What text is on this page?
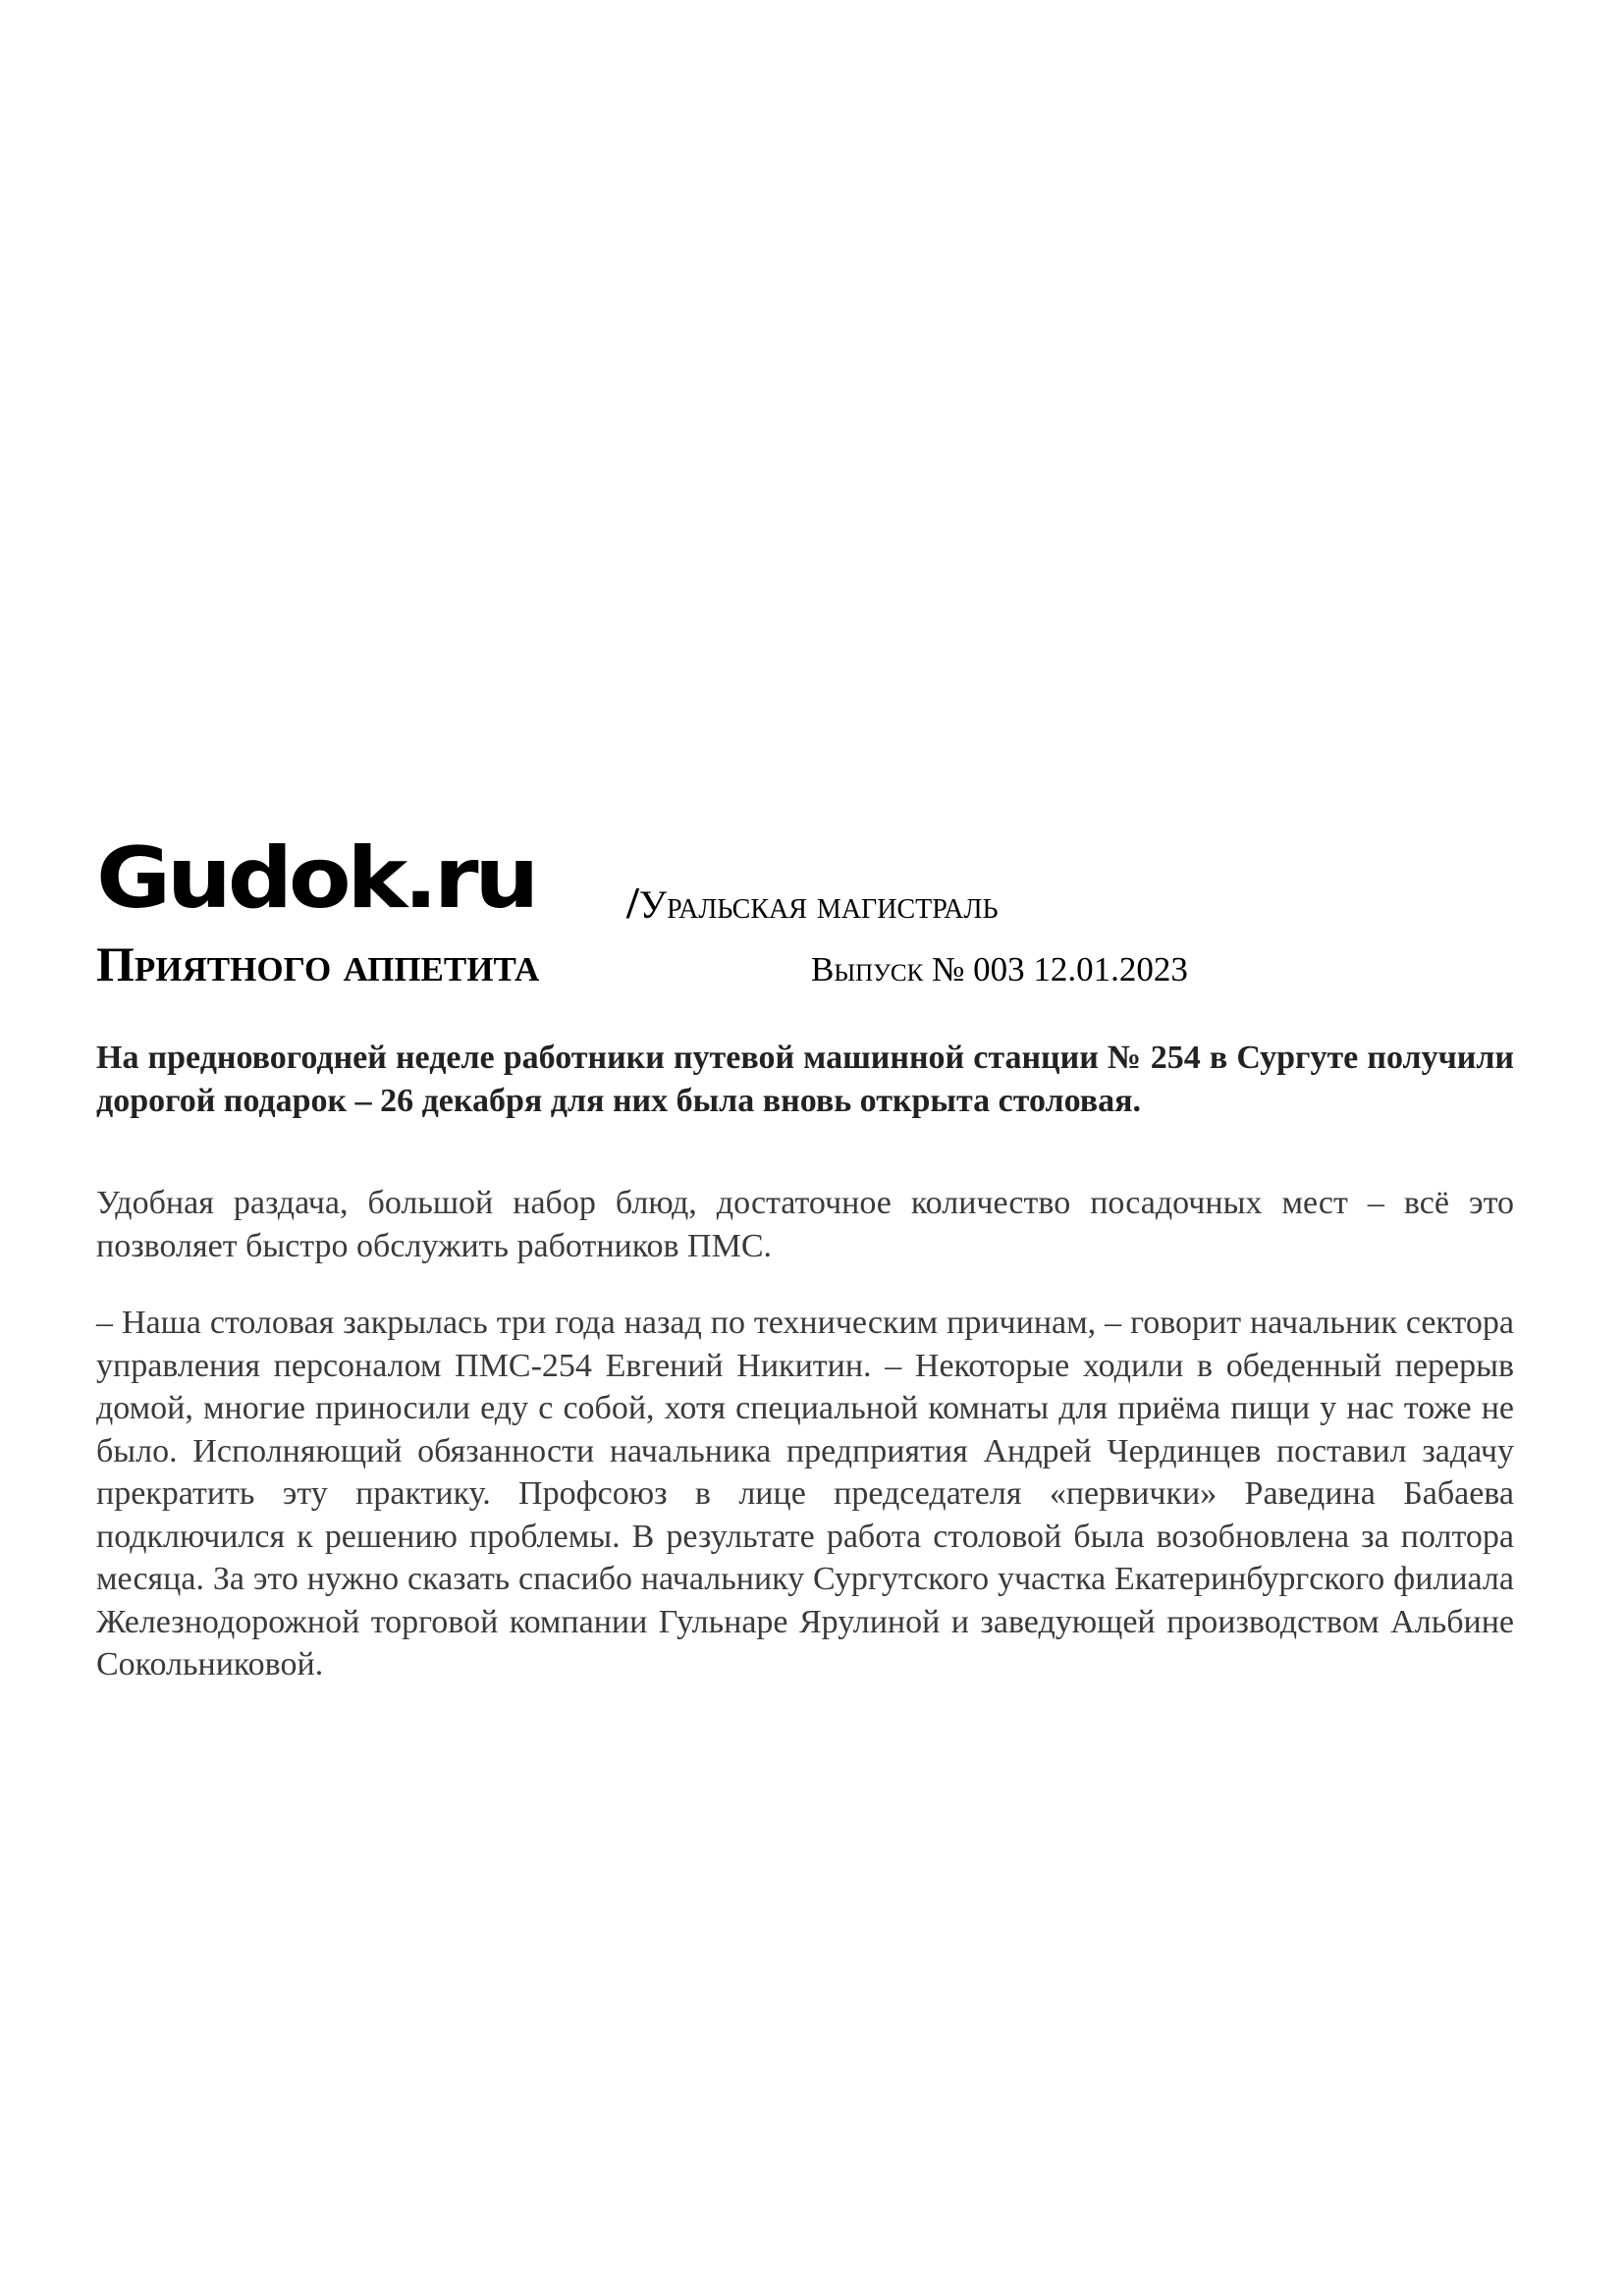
Gudok.ru /Уральская магистраль
Приятного аппетита	Выпуск № 003 12.01.2023

На предновогодней неделе работники путевой машинной станции № 254 в Сургуте получили дорогой подарок – 26 декабря для них была вновь открыта столовая.

Удобная раздача, большой набор блюд, достаточное количество посадочных мест – всё это позволяет быстро обслужить работников ПМС.

– Наша столовая закрылась три года назад по техническим причинам, – говорит начальник сектора управления персоналом ПМС-254 Евгений Никитин. – Некоторые ходили в обеденный перерыв домой, многие приносили еду с собой, хотя специальной комнаты для приёма пищи у нас тоже не было. Исполняющий обязанности начальника предприятия Андрей Чердинцев поставил задачу прекратить эту практику. Профсоюз в лице председателя «первички» Раведина Бабаева подключился к решению проблемы. В результате работа столовой была возобновлена за полтора месяца. За это нужно сказать спасибо начальнику Сургутского участка Екатеринбургского филиала Железнодорожной торговой компании Гульнаре Ярулиной и заведующей производством Альбине Сокольниковой.
